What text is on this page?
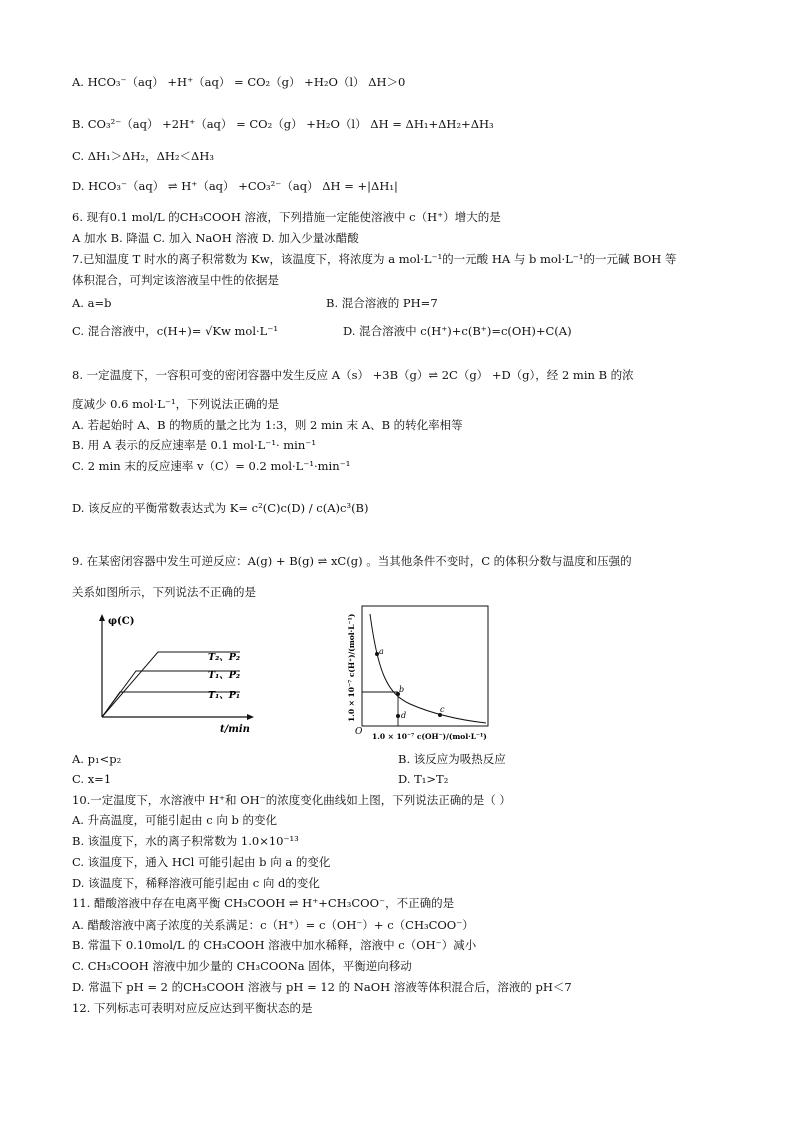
A. HCO₃⁻（aq） +H⁺（aq） = CO₂（g） +H₂O（l） ΔH＞0
B. CO₃²⁻（aq） +2H⁺（aq） = CO₂（g） +H₂O（l） ΔH = ΔH₁+ΔH₂+ΔH₃
C. ΔH₁＞ΔH₂，ΔH₂＜ΔH₃
D. HCO₃⁻（aq） ⇌ H⁺（aq） +CO₃²⁻（aq） ΔH = +|ΔH₁|
6. 现有0.1 mol/L 的CH₃COOH 溶液，下列措施一定能使溶液中 c（H⁺）增大的是
A 加水 B. 降温 C. 加入 NaOH 溶液 D. 加入少量冰醋酸
7.已知温度 T 时水的离子积常数为 Kw，该温度下，将浓度为 a mol·L⁻¹的一元酸 HA 与 b mol·L⁻¹的一元碱 BOH 等
体积混合，可判定该溶液呈中性的依据是
A. a=b	B. 混合溶液的 PH=7
C. 混合溶液中，c(H+)= √Kw mol·L⁻¹	D. 混合溶液中 c(H⁺)+c(B⁺)=c(OH)+C(A)
8. 一定温度下，一容积可变的密闭容器中发生反应 A（s） +3B（g）⇌ 2C（g） +D（g），经 2 min B 的浓
度减少 0.6 mol·L⁻¹，下列说法正确的是
A. 若起始时 A、B 的物质的量之比为 1:3，则 2 min 末 A、B 的转化率相等
B. 用 A 表示的反应速率是 0.1 mol·L⁻¹· min⁻¹
C. 2 min 末的反应速率 v（C）= 0.2 mol·L⁻¹·min⁻¹
D. 该反应的平衡常数表达式为 K= c²(C)c(D) / c(A)c³(B)
9. 在某密闭容器中发生可逆反应：A(g) + B(g) ⇌ xC(g) 。当其他条件不变时，C 的体积分数与温度和压强的
关系如图所示，下列说法不正确的是
φ(C)
t/min
T₂、P₂
T₁、P₂
T₁、P₁	1.0 × 10⁻⁷ c(H⁺)/(mol·L⁻¹)
1.0 × 10⁻⁷ c(OH⁻)/(mol·L⁻¹)
O
a
b
c
d
A. p₁<p₂	B. 该反应为吸热反应
C. x=1	D. T₁>T₂
10.一定温度下，水溶液中 H⁺和 OH⁻的浓度变化曲线如上图，下列说法正确的是（ ）
A. 升高温度，可能引起由 c 向 b 的变化
B. 该温度下，水的离子积常数为 1.0×10⁻¹³
C. 该温度下，通入 HCl 可能引起由 b 向 a 的变化
D. 该温度下，稀释溶液可能引起由 c 向 d的变化
11. 醋酸溶液中存在电离平衡 CH₃COOH ⇌ H⁺+CH₃COO⁻，不正确的是
A. 醋酸溶液中离子浓度的关系满足：c（H⁺）= c（OH⁻）+ c（CH₃COO⁻）
B. 常温下 0.10mol/L 的 CH₃COOH 溶液中加水稀释，溶液中 c（OH⁻）减小
C. CH₃COOH 溶液中加少量的 CH₃COONa 固体，平衡逆向移动
D. 常温下 pH = 2 的CH₃COOH 溶液与 pH = 12 的 NaOH 溶液等体积混合后，溶液的 pH＜7
12. 下列标志可表明对应反应达到平衡状态的是
